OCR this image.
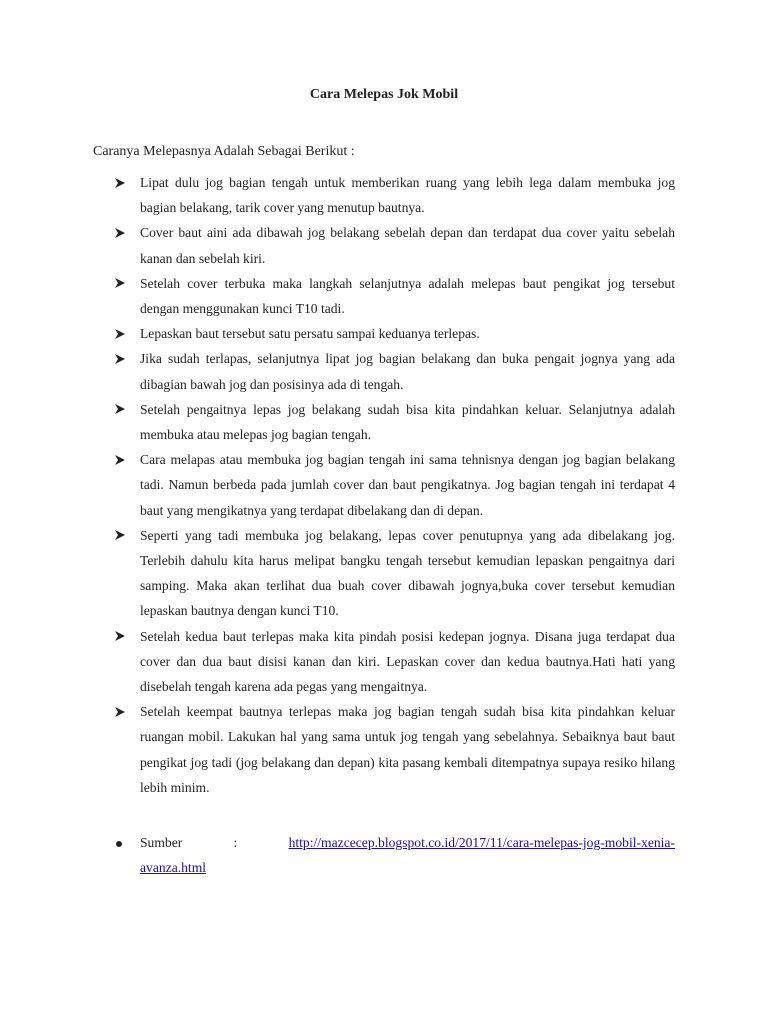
Cara Melepas Jok Mobil
Caranya Melepasnya Adalah Sebagai Berikut :
Lipat dulu jog bagian tengah untuk memberikan ruang yang lebih lega dalam membuka jog bagian belakang, tarik cover yang menutup bautnya.
Cover baut aini ada dibawah jog belakang sebelah depan dan terdapat dua cover yaitu sebelah kanan dan sebelah kiri.
Setelah cover terbuka maka langkah selanjutnya adalah melepas baut pengikat jog tersebut dengan menggunakan kunci T10 tadi.
Lepaskan baut tersebut satu persatu sampai keduanya terlepas.
Jika sudah terlapas, selanjutnya lipat jog bagian belakang dan buka pengait jognya yang ada dibagian bawah jog dan posisinya ada di tengah.
Setelah pengaitnya lepas jog belakang sudah bisa kita pindahkan keluar. Selanjutnya adalah membuka atau melepas jog bagian tengah.
Cara melapas atau membuka jog bagian tengah ini sama tehnisnya dengan jog bagian belakang tadi. Namun berbeda pada jumlah cover dan baut pengikatnya. Jog bagian tengah ini terdapat 4 baut yang mengikatnya yang terdapat dibelakang dan di depan.
Seperti yang tadi membuka jog belakang, lepas cover penutupnya yang ada dibelakang jog. Terlebih dahulu kita harus melipat bangku tengah tersebut kemudian lepaskan pengaitnya dari samping. Maka akan terlihat dua buah cover dibawah jognya,buka cover tersebut kemudian lepaskan bautnya dengan kunci T10.
Setelah kedua baut terlepas maka kita pindah posisi kedepan jognya. Disana juga terdapat dua cover dan dua baut disisi kanan dan kiri. Lepaskan cover dan kedua bautnya.Hati hati yang disebelah tengah karena ada pegas yang mengaitnya.
Setelah keempat bautnya terlepas maka jog bagian tengah sudah bisa kita pindahkan keluar ruangan mobil. Lakukan hal yang sama untuk jog tengah yang sebelahnya. Sebaiknya baut baut pengikat jog tadi (jog belakang dan depan) kita pasang kembali ditempatnya supaya resiko hilang lebih minim.
Sumber	:	http://mazcecep.blogspot.co.id/2017/11/cara-melepas-jog-mobil-xenia-
avanza.html
